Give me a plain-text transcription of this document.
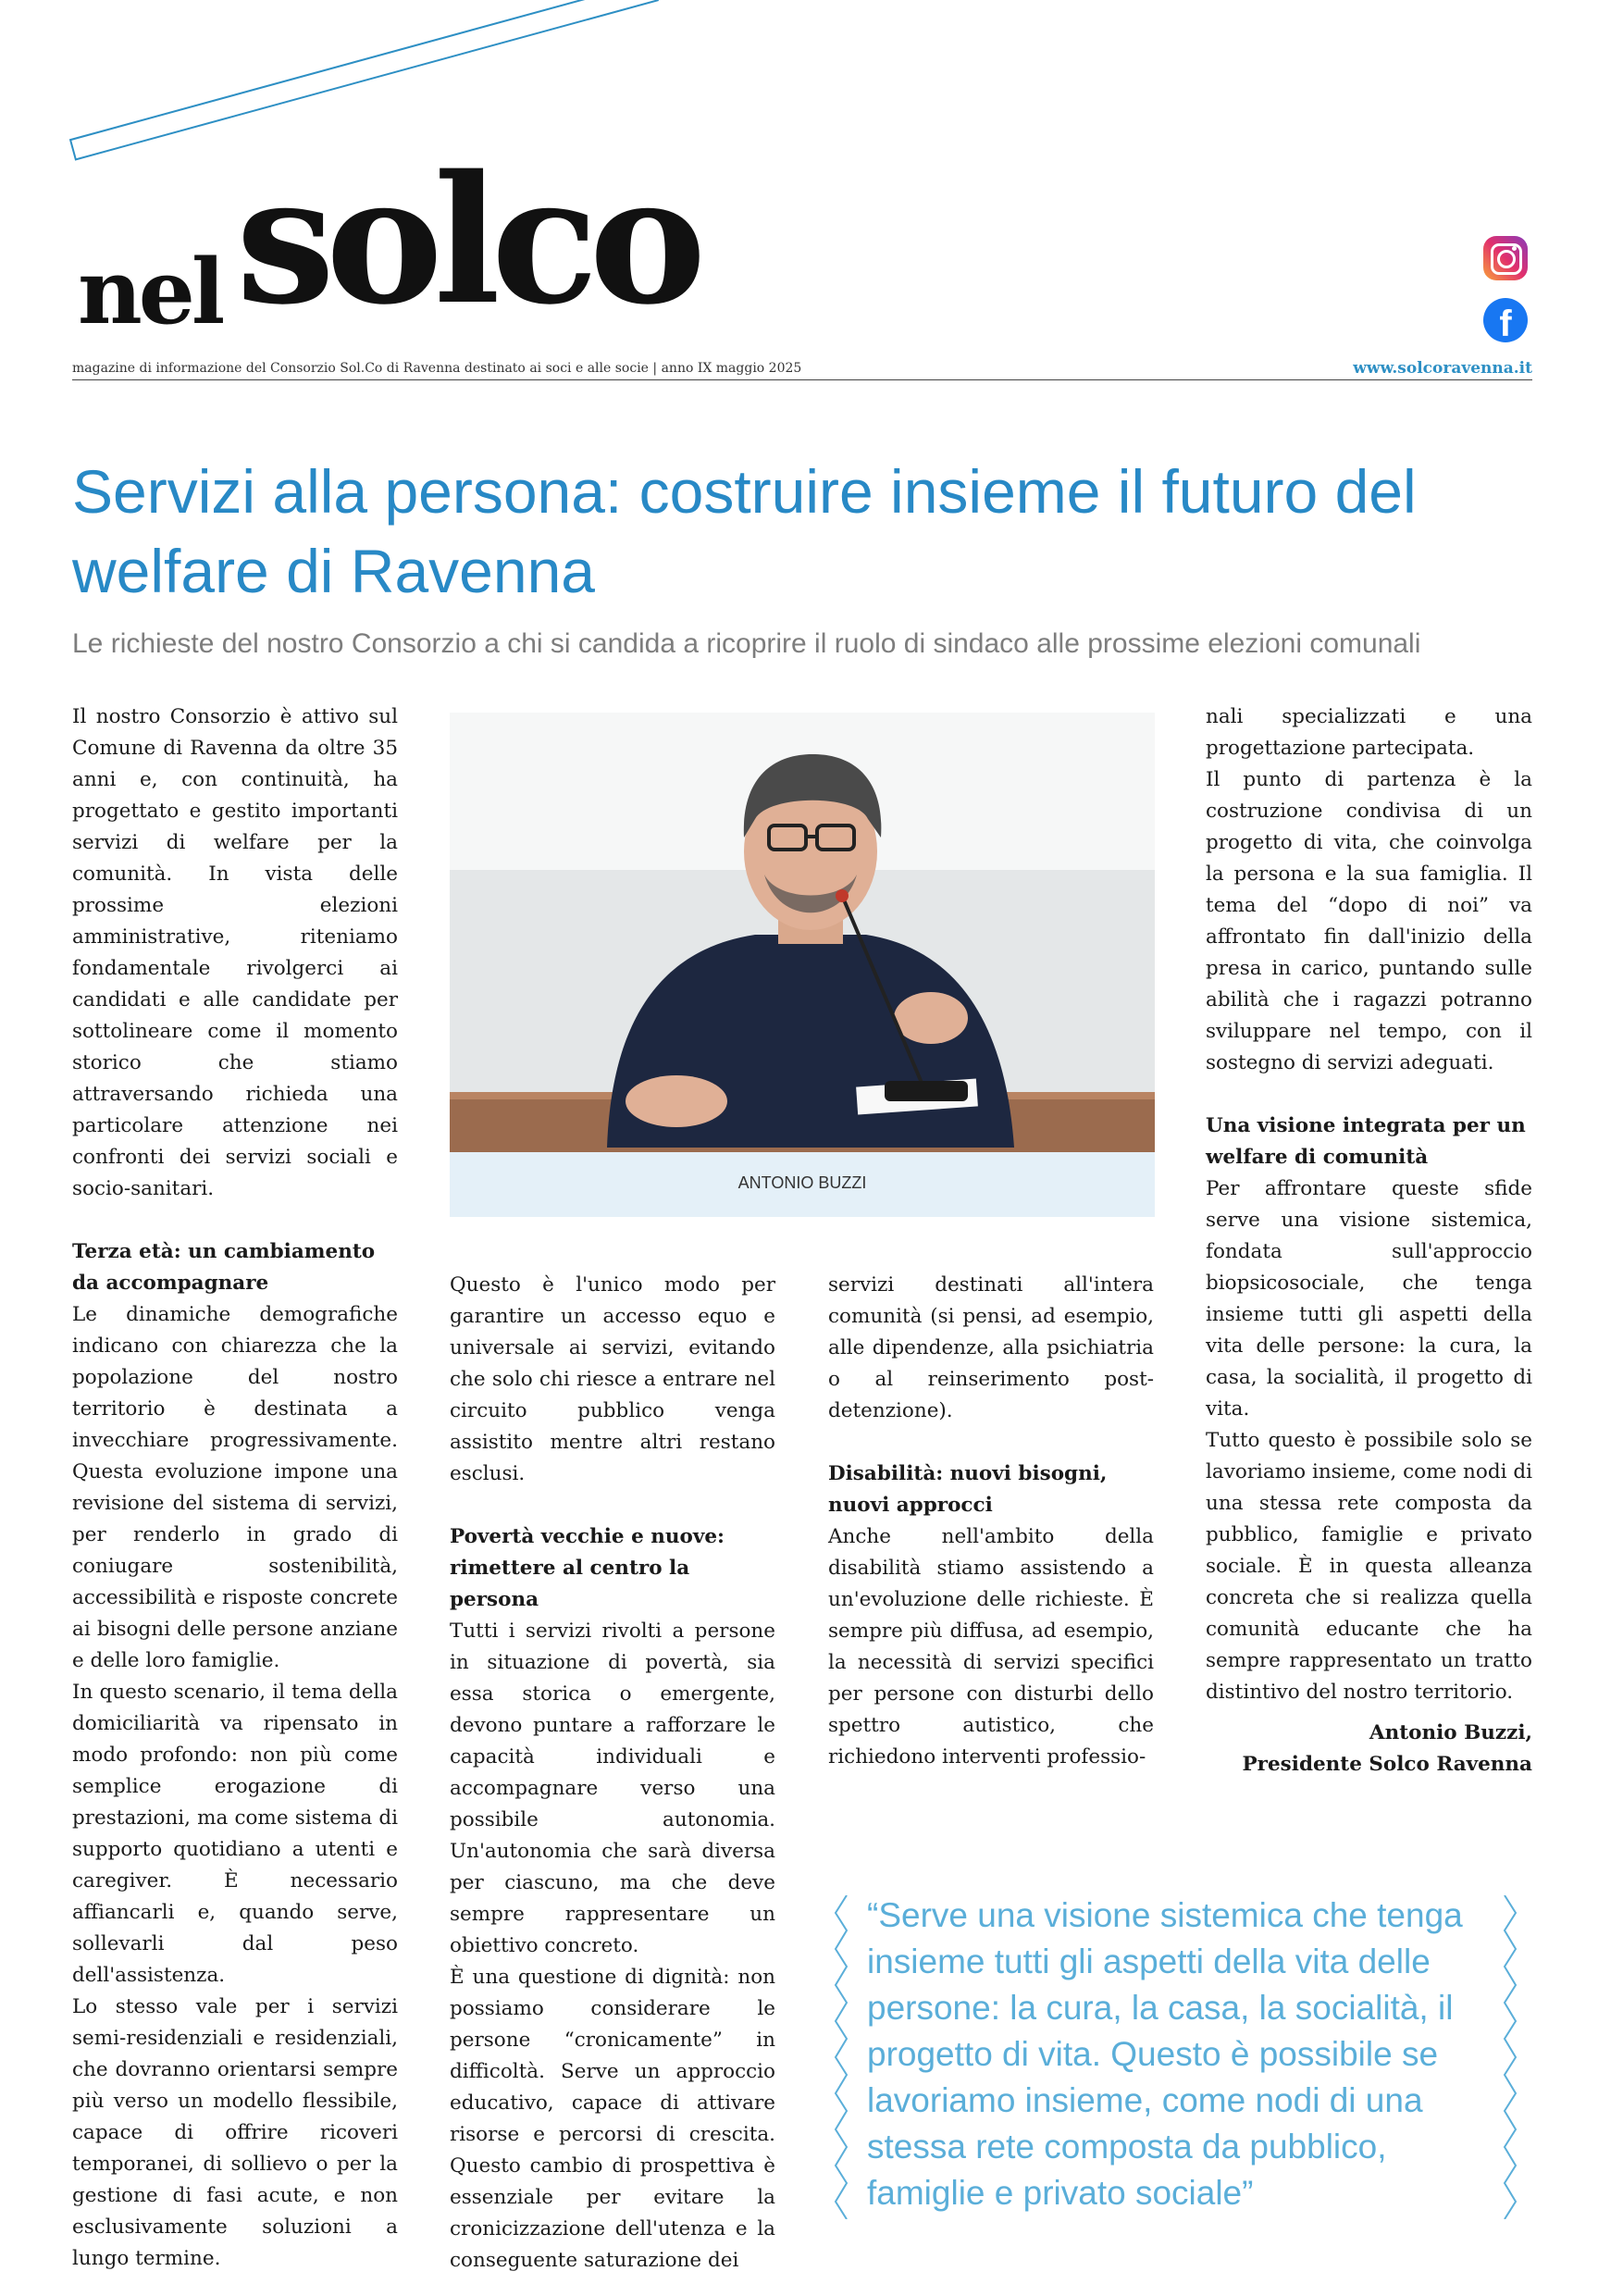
nel solco
magazine di informazione del Consorzio Sol.Co di Ravenna destinato ai soci e alle socie | anno IX maggio 2025	www.solcoravenna.it
f
Servizi alla persona: costruire insieme il futuro del welfare di Ravenna
Le richieste del nostro Consorzio a chi si candida a ricoprire il ruolo di sindaco alle prossime elezioni comunali

Il nostro Consorzio è attivo sul Comune di Ravenna da oltre 35 anni e, con continuità, ha progettato e gestito importanti servizi di welfare per la comunità. In vista delle prossime elezioni amministrative, riteniamo fondamentale rivolgerci ai candidati e alle candidate per sottolineare come il momento storico che stiamo attraversando richieda una particolare attenzione nei confronti dei servizi sociali e socio-sanitari.

Terza età: un cambiamento da accompagnare

Le dinamiche demografiche indicano con chiarezza che la popolazione del nostro territorio è destinata a invecchiare progressivamente. Questa evoluzione impone una revisione del sistema di servizi, per renderlo in grado di coniugare sostenibilità, accessibilità e risposte concrete ai bisogni delle persone anziane e delle loro famiglie.

In questo scenario, il tema della domiciliarità va ripensato in modo profondo: non più come semplice erogazione di prestazioni, ma come sistema di supporto quotidiano a utenti e caregiver. È necessario affiancarli e, quando serve, sollevarli dal peso dell'assistenza.

Lo stesso vale per i servizi semi-residenziali e residenziali, che dovranno orientarsi sempre più verso un modello flessibile, capace di offrire ricoveri temporanei, di sollievo o per la gestione di fasi acute, e non esclusivamente soluzioni a lungo termine.

ANTONIO BUZZI

Questo è l'unico modo per garantire un accesso equo e universale ai servizi, evitando che solo chi riesce a entrare nel circuito pubblico venga assistito mentre altri restano esclusi.

Povertà vecchie e nuove: rimettere al centro la persona

Tutti i servizi rivolti a persone in situazione di povertà, sia essa storica o emergente, devono puntare a rafforzare le capacità individuali e accompagnare verso una possibile autonomia. Un'autonomia che sarà diversa per ciascuno, ma che deve sempre rappresentare un obiettivo concreto.

È una questione di dignità: non possiamo considerare le persone “cronicamente” in difficoltà. Serve un approccio educativo, capace di attivare risorse e percorsi di crescita. Questo cambio di prospettiva è essenziale per evitare la cronicizzazione dell'utenza e la conseguente saturazione dei

servizi destinati all'intera comunità (si pensi, ad esempio, alle dipendenze, alla psichiatria o al reinserimento post-detenzione).

Disabilità: nuovi bisogni, nuovi approcci

Anche nell'ambito della disabilità stiamo assistendo a un'evoluzione delle richieste. È sempre più diffusa, ad esempio, la necessità di servizi specifici per persone con disturbi dello spettro autistico, che richiedono interventi professio-

nali specializzati e una progettazione partecipata.

Il punto di partenza è la costruzione condivisa di un progetto di vita, che coinvolga la persona e la sua famiglia. Il tema del “dopo di noi” va affrontato fin dall'inizio della presa in carico, puntando sulle abilità che i ragazzi potranno sviluppare nel tempo, con il sostegno di servizi adeguati.

Una visione integrata per un welfare di comunità

Per affrontare queste sfide serve una visione sistemica, fondata sull'approccio biopsicosociale, che tenga insieme tutti gli aspetti della vita delle persone: la cura, la casa, la socialità, il progetto di vita.

Tutto questo è possibile solo se lavoriamo insieme, come nodi di una stessa rete composta da pubblico, famiglie e privato sociale. È in questa alleanza concreta che si realizza quella comunità educante che ha sempre rappresentato un tratto distintivo del nostro territorio.

Antonio Buzzi,

Presidente Solco Ravenna

“Serve una visione sistemica che tenga insieme tutti gli aspetti della vita delle persone: la cura, la casa, la socialità, il progetto di vita. Questo è possibile se lavoriamo insieme, come nodi di una stessa rete composta da pubblico, famiglie e privato sociale”
